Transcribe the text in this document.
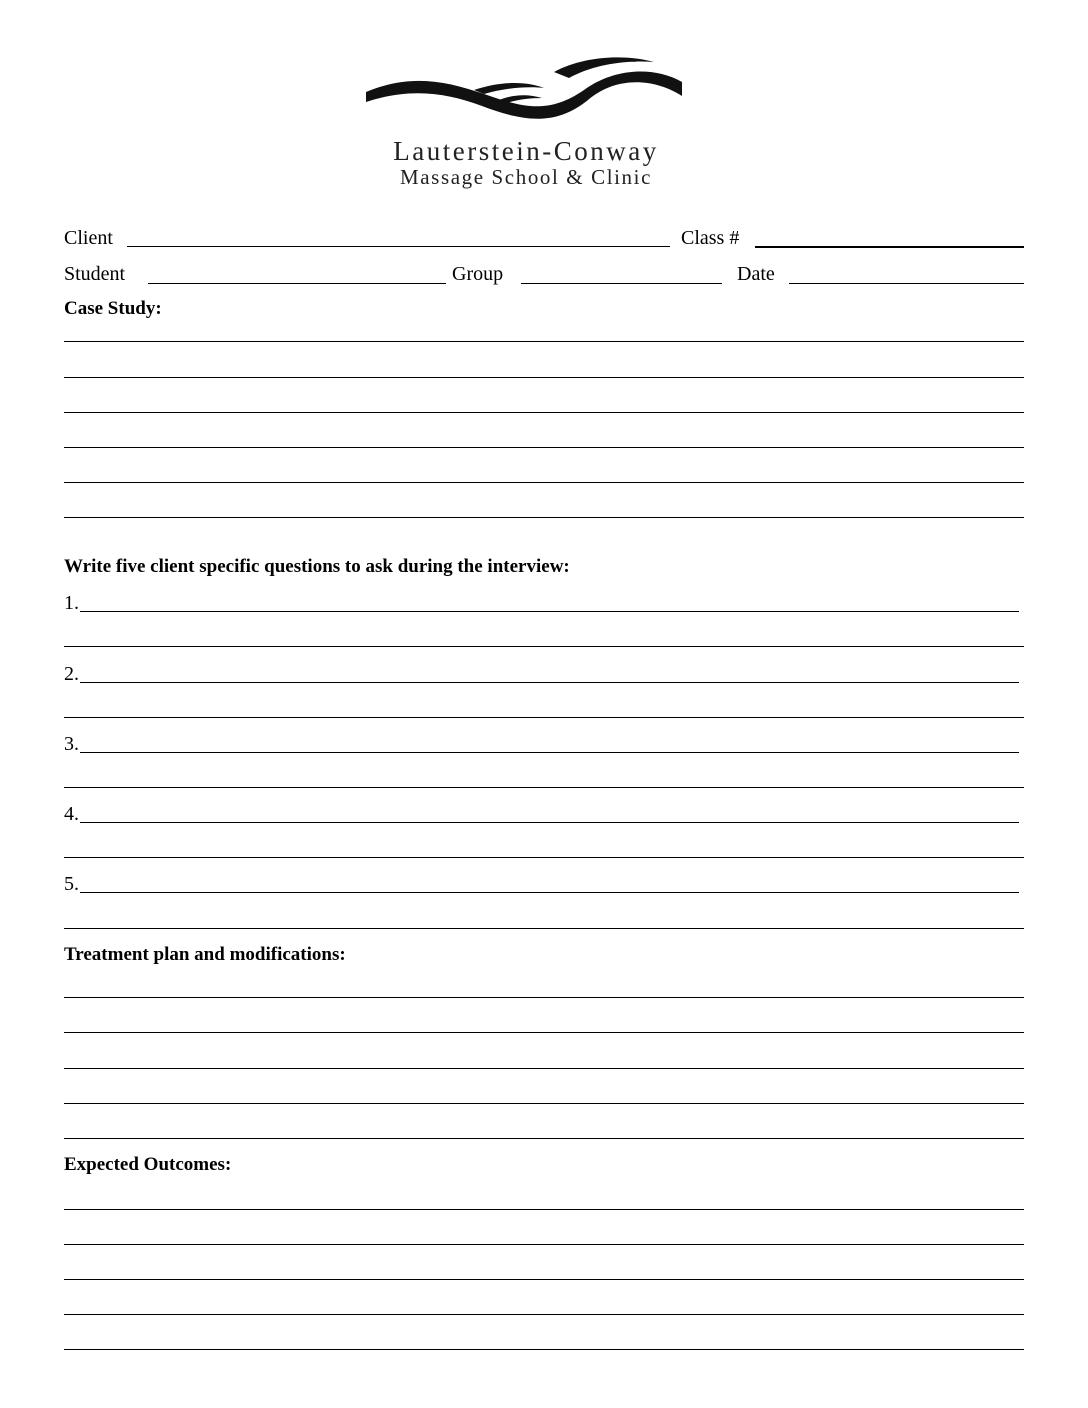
Lauterstein-Conway
Massage School & Clinic
Client	Class #
Student	Group	Date
Case Study:
Write five client specific questions to ask during the interview:
1.
2.
3.
4.
5.
Treatment plan and modifications:
Expected Outcomes:
